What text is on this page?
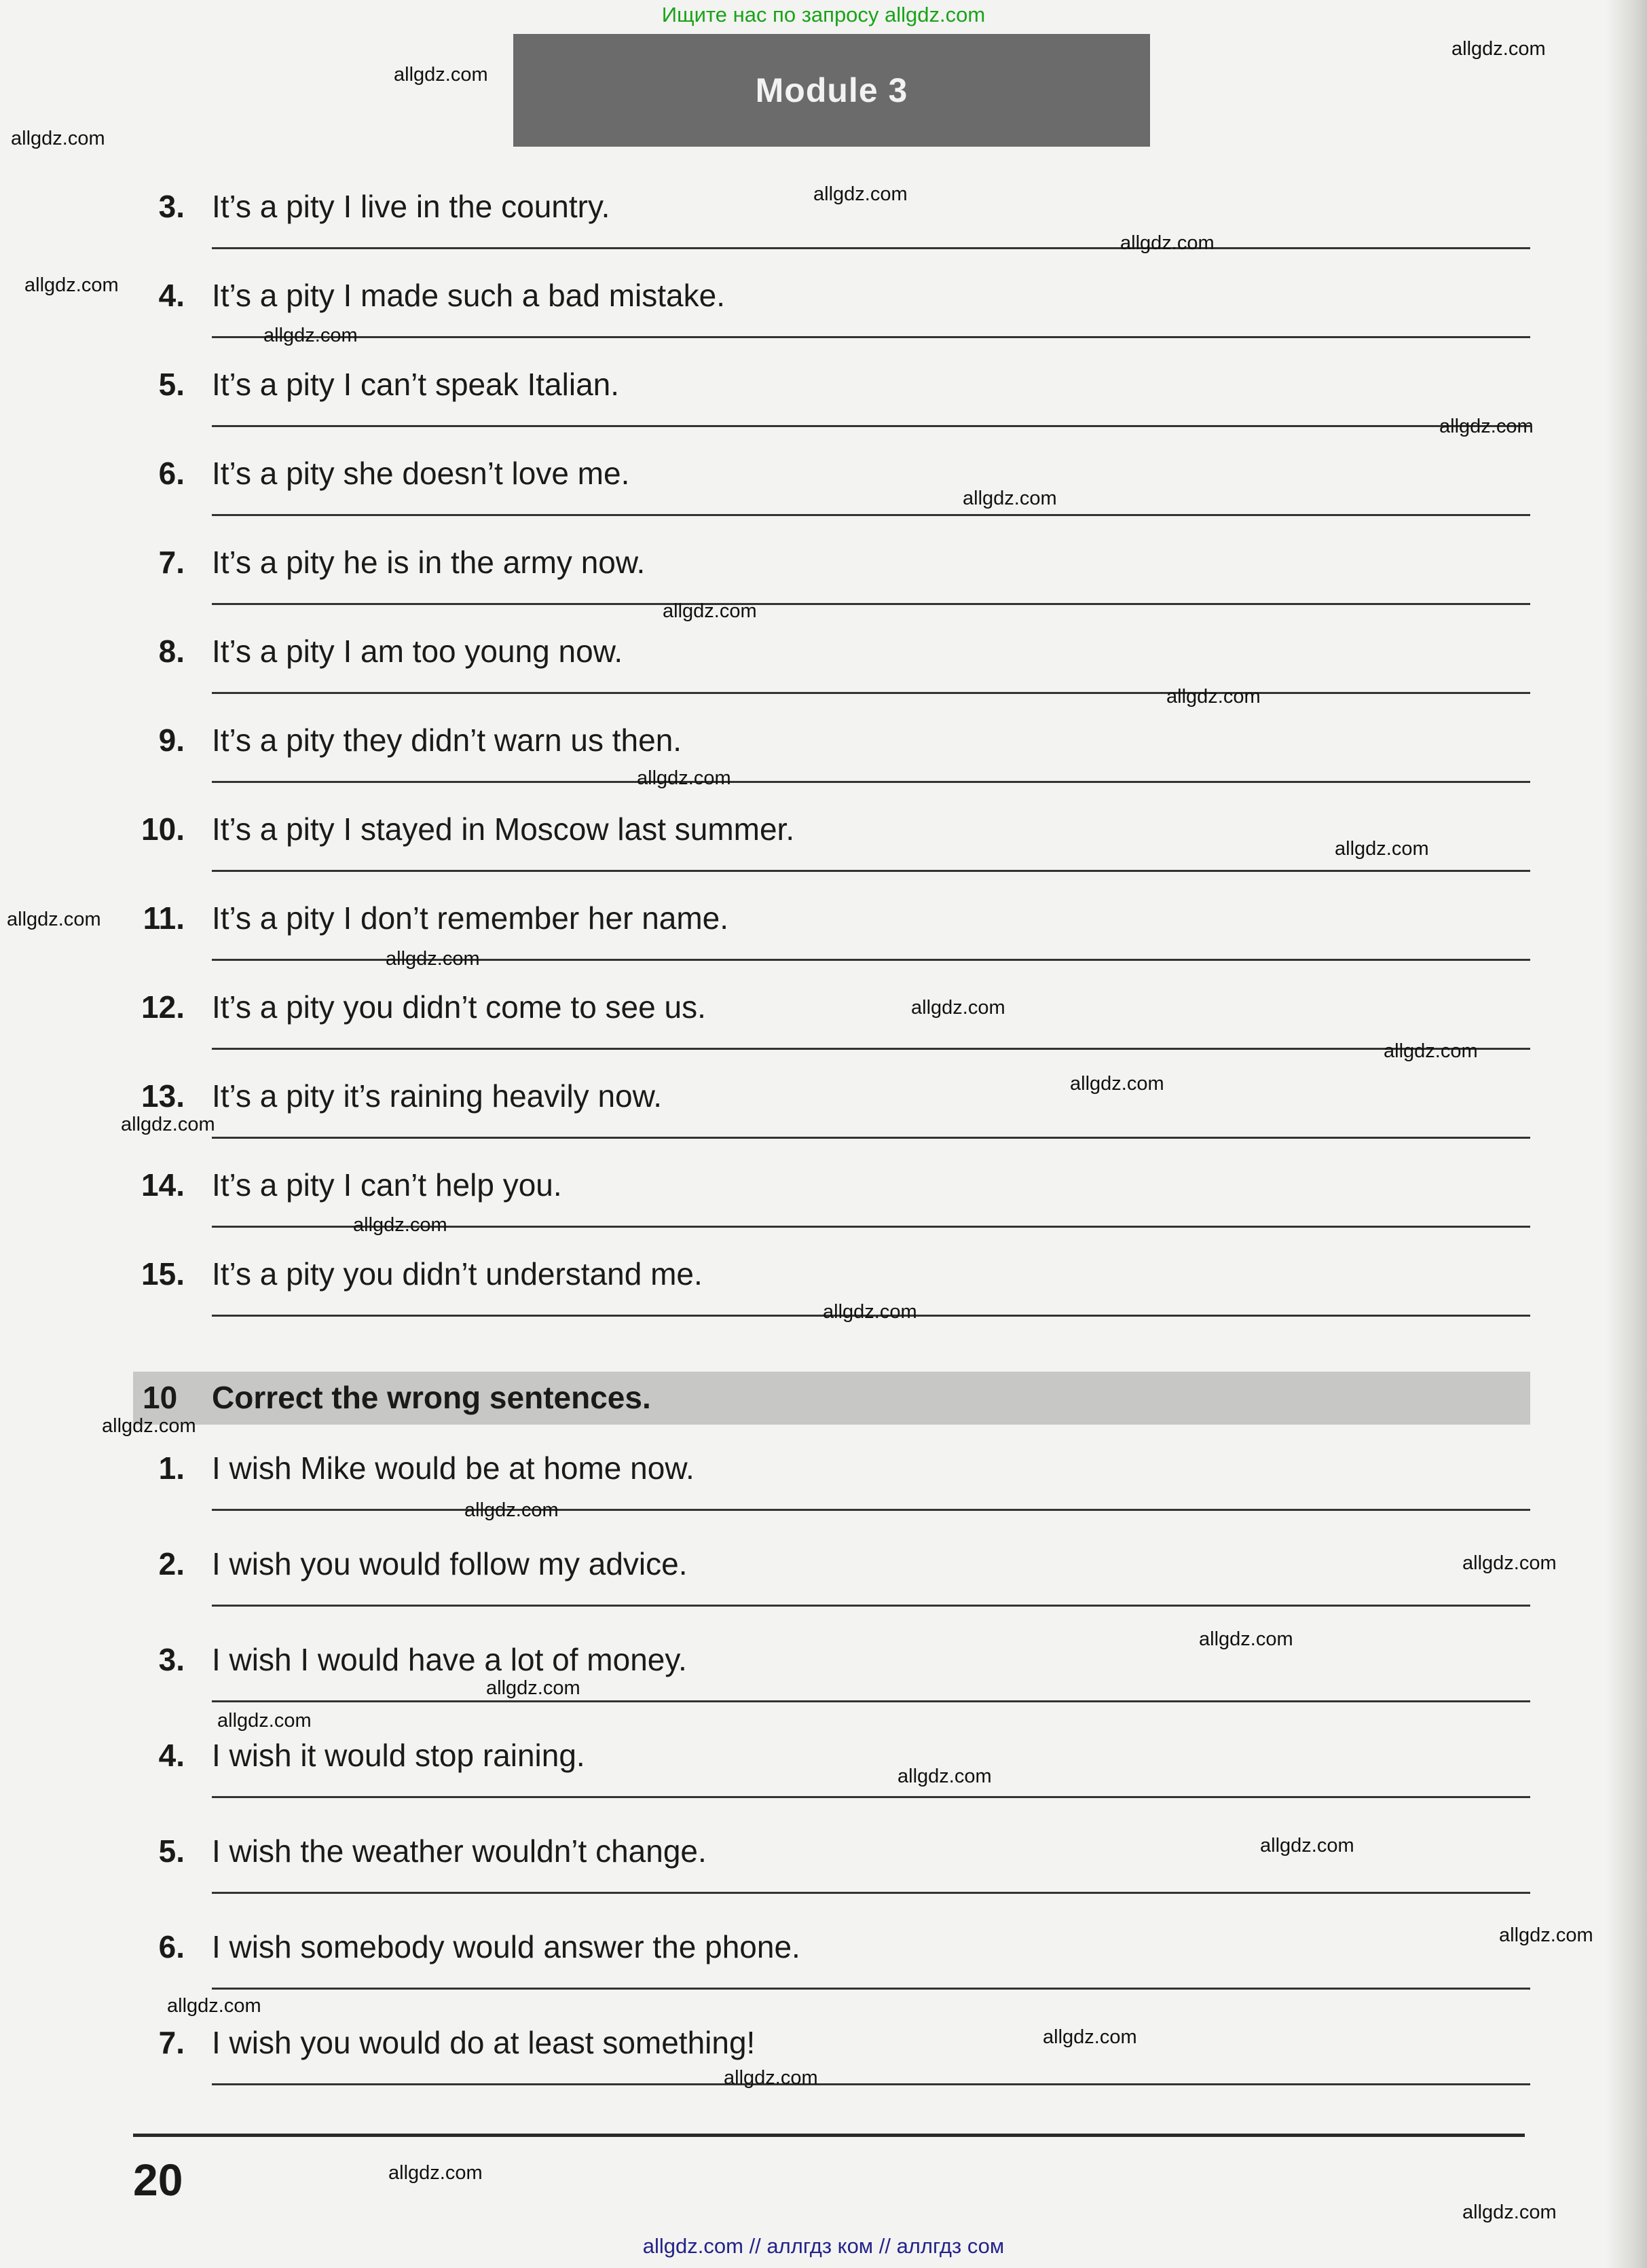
Ищите нас по запросу allgdz.com
Module 3
3. It’s a pity I live in the country.
4. It’s a pity I made such a bad mistake.
5. It’s a pity I can’t speak Italian.
6. It’s a pity she doesn’t love me.
7. It’s a pity he is in the army now.
8. It’s a pity I am too young now.
9. It’s a pity they didn’t warn us then.
10. It’s a pity I stayed in Moscow last summer.
11. It’s a pity I don’t remember her name.
12. It’s a pity you didn’t come to see us.
13. It’s a pity it’s raining heavily now.
14. It’s a pity I can’t help you.
15. It’s a pity you didn’t understand me.
10 Correct the wrong sentences.
1. I wish Mike would be at home now.
2. I wish you would follow my advice.
3. I wish I would have a lot of money.
4. I wish it would stop raining.
5. I wish the weather wouldn’t change.
6. I wish somebody would answer the phone.
7. I wish you would do at least something!
20
allgdz.com // аллгдз ком // аллгдз сом
allgdz.com
allgdz.com
allgdz.com
allgdz.com
allgdz.com
allgdz.com
allgdz.com
allgdz.com
allgdz.com
allgdz.com
allgdz.com
allgdz.com
allgdz.com
allgdz.com
allgdz.com
allgdz.com
allgdz.com
allgdz.com
allgdz.com
allgdz.com
allgdz.com
allgdz.com
allgdz.com
allgdz.com
allgdz.com
allgdz.com
allgdz.com
allgdz.com
allgdz.com
allgdz.com
allgdz.com
allgdz.com
allgdz.com
allgdz.com
allgdz.com
